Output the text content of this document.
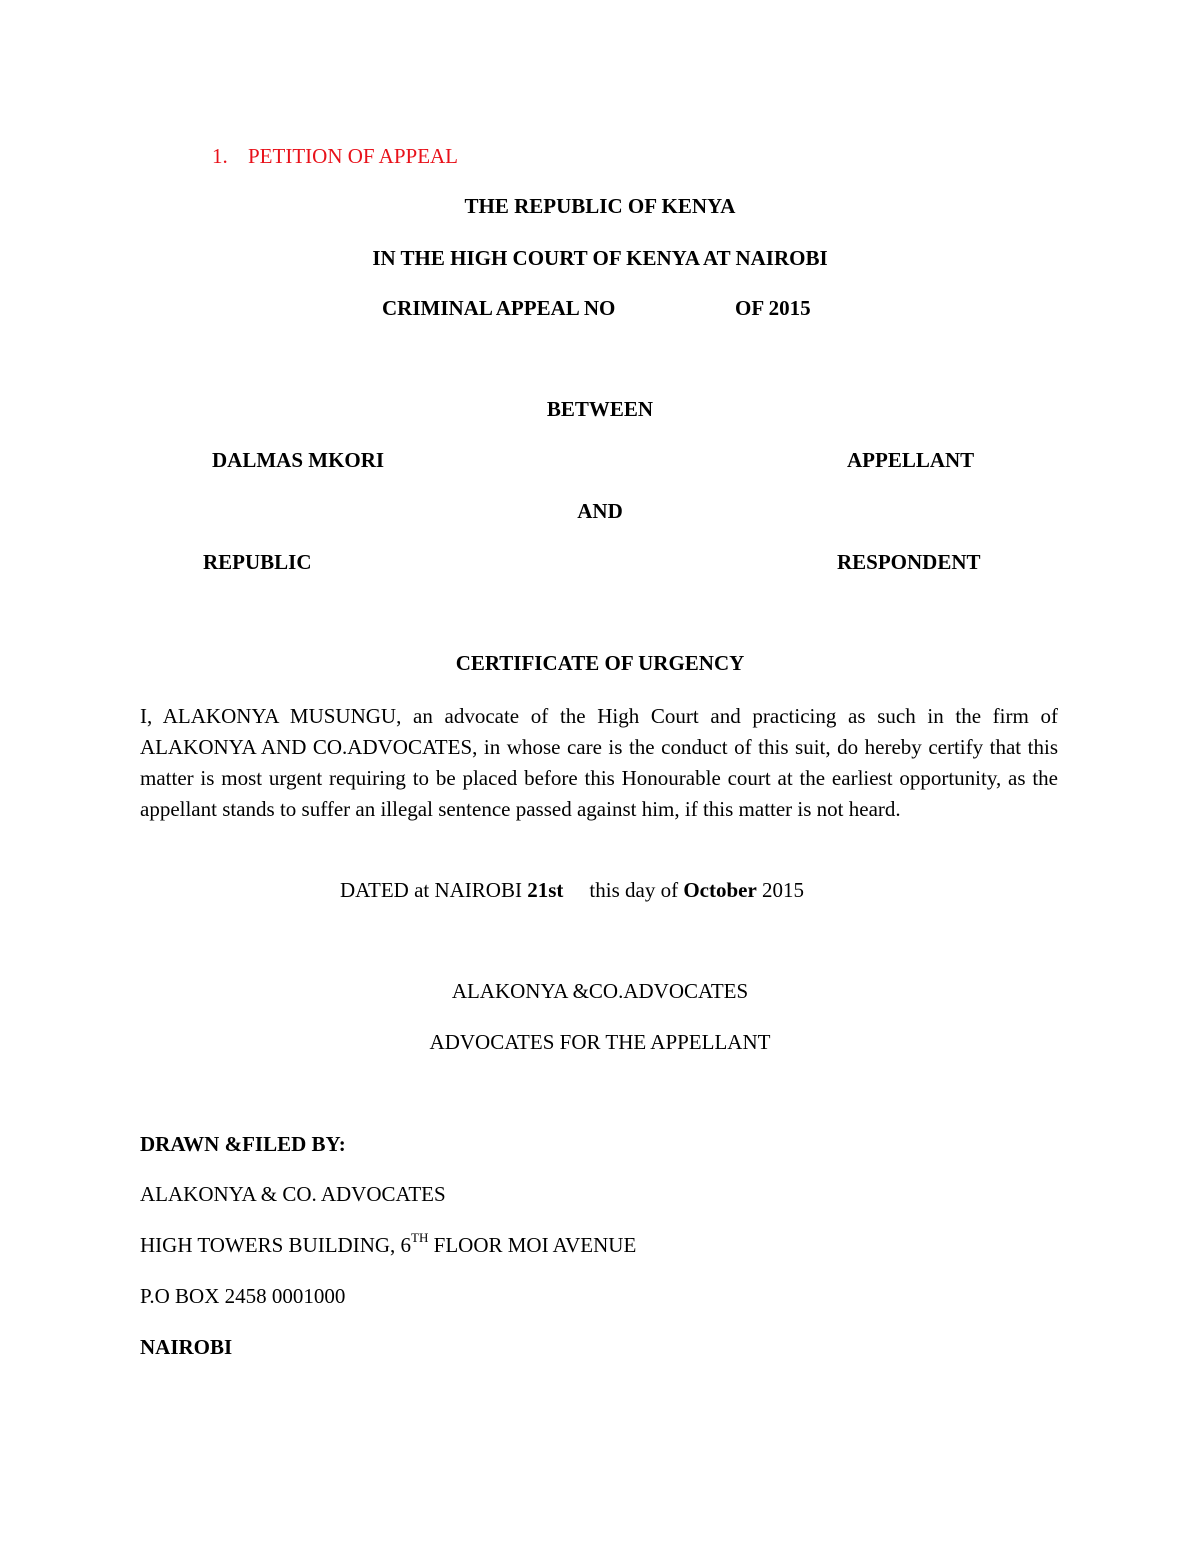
1. PETITION OF APPEAL
THE REPUBLIC OF KENYA
IN THE HIGH COURT OF KENYA AT NAIROBI
CRIMINAL APPEAL NO	OF 2015
BETWEEN
DALMAS MKORI	APPELLANT
AND
REPUBLIC	RESPONDENT
CERTIFICATE OF URGENCY
I, ALAKONYA MUSUNGU, an advocate of the High Court and practicing as such in the firm of ALAKONYA AND CO.ADVOCATES, in whose care is the conduct of this suit, do hereby certify that this matter is most urgent requiring to be placed before this Honourable court at the earliest opportunity, as the appellant stands to suffer an illegal sentence passed against him, if this matter is not heard.
DATED at NAIROBI 21st this day of October 2015
ALAKONYA &CO.ADVOCATES
ADVOCATES FOR THE APPELLANT
DRAWN &FILED BY:
ALAKONYA & CO. ADVOCATES
HIGH TOWERS BUILDING, 6TH FLOOR MOI AVENUE
P.O BOX 2458 0001000
NAIROBI
